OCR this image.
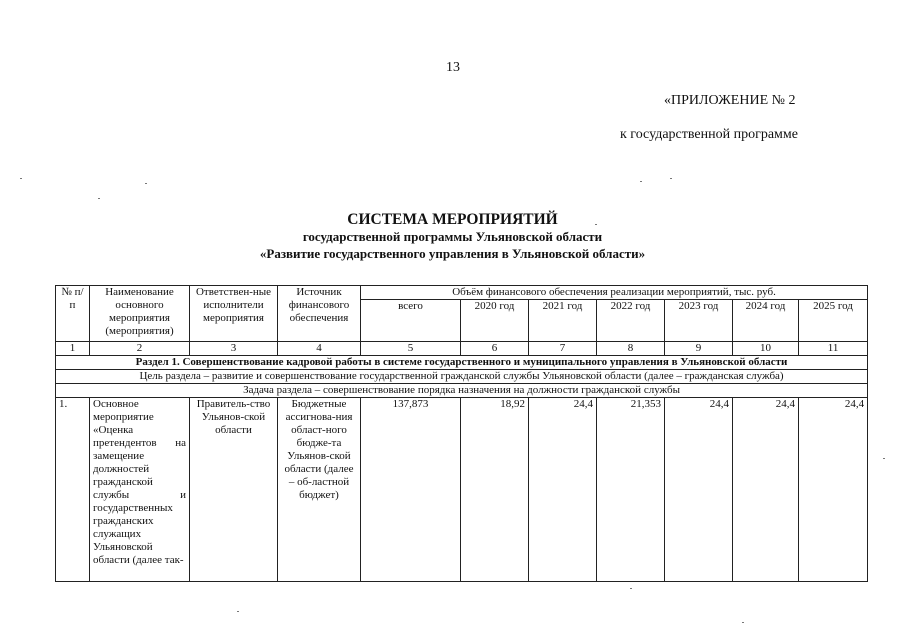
13
«ПРИЛОЖЕНИЕ № 2
к государственной программе
СИСТЕМА МЕРОПРИЯТИЙ
государственной программы Ульяновской области
«Развитие государственного управления в Ульяновской области»
№ п/п	Наименование основного мероприятия (мероприятия)	Ответствен-ные исполнители мероприятия	Источник финансового обеспечения	Объём финансового обеспечения реализации мероприятий, тыс. руб.						
				всего	2020 год	2021 год	2022 год	2023 год	2024 год	2025 год
1	2	3	4	5	6	7	8	9	10	11
Раздел 1. Совершенствование кадровой работы в системе государственного и муниципального управления в Ульяновской области										
Цель раздела – развитие и совершенствование государственной гражданской службы Ульяновской области (далее – гражданская служба)										
Задача раздела – совершенствование порядка назначения на должности гражданской службы										
1.	Основное мероприятие «Оценка претендентов на замещение должностей гражданской службы и государственных гражданских служащих Ульяновской области (далее так-	Правитель-ство Ульянов-ской области	Бюджетные ассигнова-ния област-ного бюдже-та Ульянов-ской области (далее – об-ластной бюджет)	137,873	18,92	24,4	21,353	24,4	24,4	24,4
